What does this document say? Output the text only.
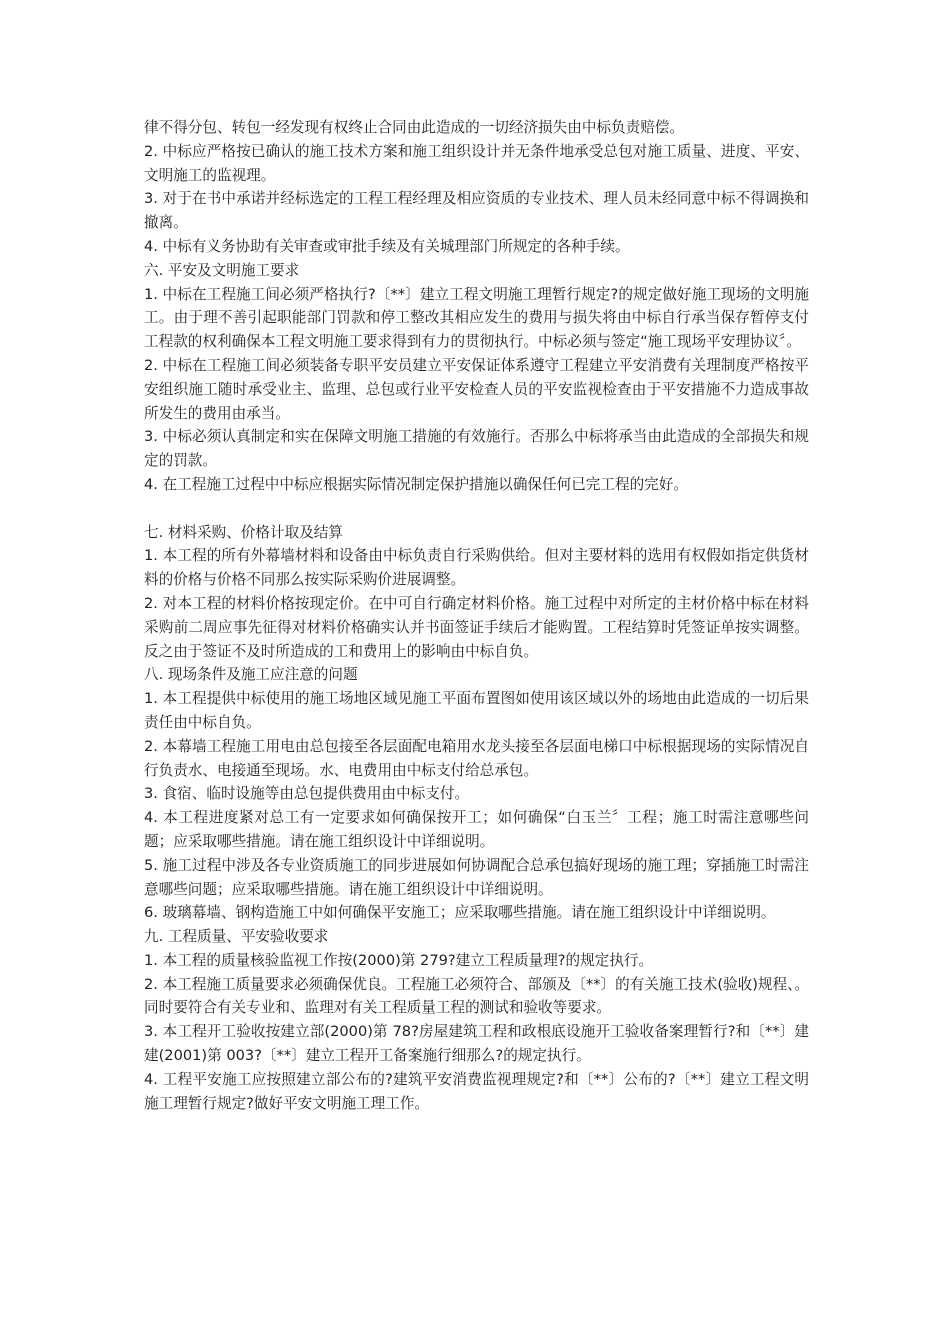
律不得分包、转包一经发现有权终止合同由此造成的一切经济损失由中标负责赔偿。

2. 中标应严格按已确认的施工技术方案和施工组织设计并无条件地承受总包对施工质量、进度、平安、文明施工的监视理。

3. 对于在书中承诺并经标选定的工程工程经理及相应资质的专业技术、理人员未经同意中标不得调换和撤离。

4. 中标有义务协助有关审查或审批手续及有关城理部门所规定的各种手续。

六. 平安及文明施工要求

1. 中标在工程施工间必须严格执行?〔**〕建立工程文明施工理暂行规定?的规定做好施工现场的文明施工。由于理不善引起职能部门罚款和停工整改其相应发生的费用与损失将由中标自行承当保存暂停支付工程款的权利确保本工程文明施工要求得到有力的贯彻执行。中标必须与签定“施工现场平安理协议〞。

2. 中标在工程施工间必须装备专职平安员建立平安保证体系遵守工程建立平安消费有关理制度严格按平安组织施工随时承受业主、监理、总包或行业平安检查人员的平安监视检查由于平安措施不力造成事故所发生的费用由承当。

3. 中标必须认真制定和实在保障文明施工措施的有效施行。否那么中标将承当由此造成的全部损失和规定的罚款。

4. 在工程施工过程中中标应根据实际情况制定保护措施以确保任何已完工程的完好。

七. 材料采购、价格计取及结算

1. 本工程的所有外幕墙材料和设备由中标负责自行采购供给。但对主要材料的选用有权假如指定供货材料的价格与价格不同那么按实际采购价进展调整。

2. 对本工程的材料价格按现定价。在中可自行确定材料价格。施工过程中对所定的主材价格中标在材料采购前二周应事先征得对材料价格确实认并书面签证手续后才能购置。工程结算时凭签证单按实调整。反之由于签证不及时所造成的工和费用上的影响由中标自负。

八. 现场条件及施工应注意的问题

1. 本工程提供中标使用的施工场地区域见施工平面布置图如使用该区域以外的场地由此造成的一切后果责任由中标自负。

2. 本幕墙工程施工用电由总包接至各层面配电箱用水龙头接至各层面电梯口中标根据现场的实际情况自行负责水、电接通至现场。水、电费用由中标支付给总承包。

3. 食宿、临时设施等由总包提供费用由中标支付。

4. 本工程进度紧对总工有一定要求如何确保按开工；如何确保“白玉兰〞工程；施工时需注意哪些问题；应采取哪些措施。请在施工组织设计中详细说明。

5. 施工过程中涉及各专业资质施工的同步进展如何协调配合总承包搞好现场的施工理；穿插施工时需注意哪些问题；应采取哪些措施。请在施工组织设计中详细说明。

6. 玻璃幕墙、钢构造施工中如何确保平安施工；应采取哪些措施。请在施工组织设计中详细说明。

九. 工程质量、平安验收要求

1. 本工程的质量核验监视工作按(2000)第 279?建立工程质量理?的规定执行。

2. 本工程施工质量要求必须确保优良。工程施工必须符合、部颁及〔**〕的有关施工技术(验收)规程、。同时要符合有关专业和、监理对有关工程质量工程的测试和验收等要求。

3. 本工程开工验收按建立部(2000)第 78?房屋建筑工程和政根底设施开工验收备案理暂行?和〔**〕建建(2001)第 003?〔**〕建立工程开工备案施行细那么?的规定执行。

4. 工程平安施工应按照建立部公布的?建筑平安消费监视理规定?和〔**〕公布的?〔**〕建立工程文明施工理暂行规定?做好平安文明施工理工作。
